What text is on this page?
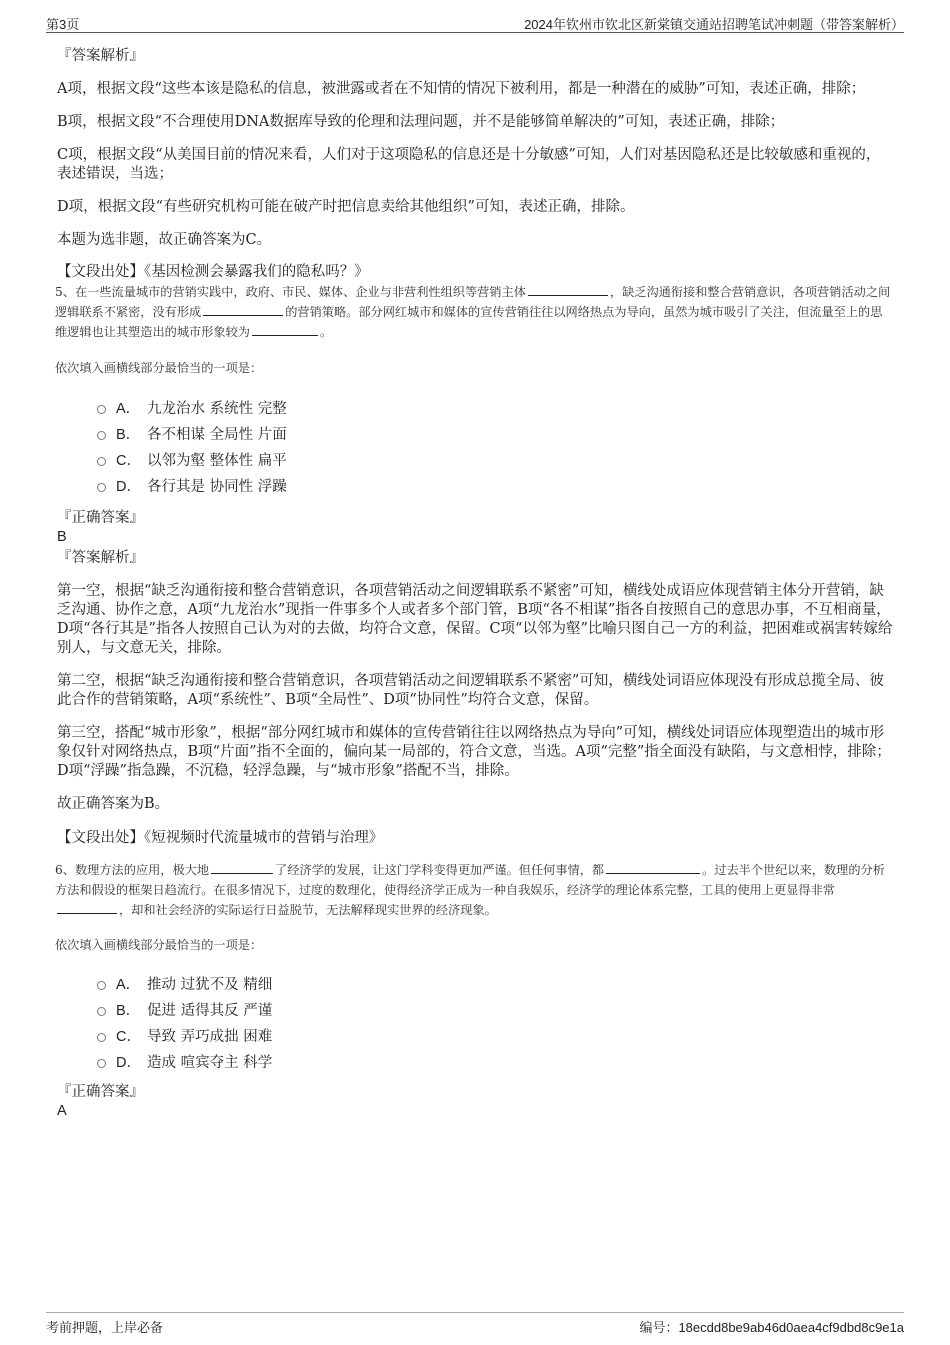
第3页	2024年钦州市钦北区新棠镇交通站招聘笔试冲刺题（带答案解析）

『答案解析』

A项，根据文段“这些本该是隐私的信息，被泄露或者在不知情的情况下被利用，都是一种潜在的威胁”可知，表述正确，排除；

B项，根据文段“不合理使用DNA数据库导致的伦理和法理问题，并不是能够简单解决的”可知，表述正确，排除；

C项，根据文段“从美国目前的情况来看，人们对于这项隐私的信息还是十分敏感”可知，人们对基因隐私还是比较敏感和重视的，表述错误，当选；

D项，根据文段“有些研究机构可能在破产时把信息卖给其他组织”可知，表述正确，排除。

本题为选非题，故正确答案为C。

【文段出处】《基因检测会暴露我们的隐私吗？》

5、在一些流量城市的营销实践中，政府、市民、媒体、企业与非营利性组织等营销主体	，缺乏沟通衔接和整合营销意识，各项营销活动之间逻辑联系不紧密，没有形成	的营销策略。部分网红城市和媒体的宣传营销往往以网络热点为导向，虽然为城市吸引了关注，但流量至上的思维逻辑也让其塑造出的城市形象较为	。

依次填入画横线部分最恰当的一项是：

A． 九龙治水 系统性 完整
B． 各不相谋 全局性 片面
C． 以邻为壑 整体性 扁平
D． 各行其是 协同性 浮躁

『正确答案』

B

『答案解析』

第一空，根据“缺乏沟通衔接和整合营销意识，各项营销活动之间逻辑联系不紧密”可知，横线处成语应体现营销主体分开营销，缺乏沟通、协作之意，A项“九龙治水”现指一件事多个人或者多个部门管，B项“各不相谋”指各自按照自己的意思办事，不互相商量，D项“各行其是”指各人按照自己认为对的去做，均符合文意，保留。C项“以邻为壑”比喻只图自己一方的利益，把困难或祸害转嫁给别人，与文意无关，排除。

第二空，根据“缺乏沟通衔接和整合营销意识，各项营销活动之间逻辑联系不紧密”可知，横线处词语应体现没有形成总揽全局、彼此合作的营销策略，A项“系统性”、B项“全局性”、D项“协同性”均符合文意，保留。

第三空，搭配“城市形象”，根据“部分网红城市和媒体的宣传营销往往以网络热点为导向”可知，横线处词语应体现塑造出的城市形象仅针对网络热点，B项“片面”指不全面的，偏向某一局部的，符合文意，当选。A项“完整”指全面没有缺陷，与文意相悖，排除；D项“浮躁”指急躁，不沉稳，轻浮急躁，与“城市形象”搭配不当，排除。

故正确答案为B。

【文段出处】《短视频时代流量城市的营销与治理》

6、数理方法的应用，极大地	了经济学的发展，让这门学科变得更加严谨。但任何事情，都	。过去半个世纪以来，数理的分析方法和假设的框架日趋流行。在很多情况下，过度的数理化，使得经济学正成为一种自我娱乐，经济学的理论体系完整，工具的使用上更显得非常，却和社会经济的实际运行日益脱节，无法解释现实世界的经济现象。

依次填入画横线部分最恰当的一项是：

A． 推动 过犹不及 精细
B． 促进 适得其反 严谨
C． 导致 弄巧成拙 困难
D． 造成 喧宾夺主 科学

『正确答案』

A

考前押题，上岸必备	编号：18ecdd8be9ab46d0aea4cf9dbd8c9e1a
